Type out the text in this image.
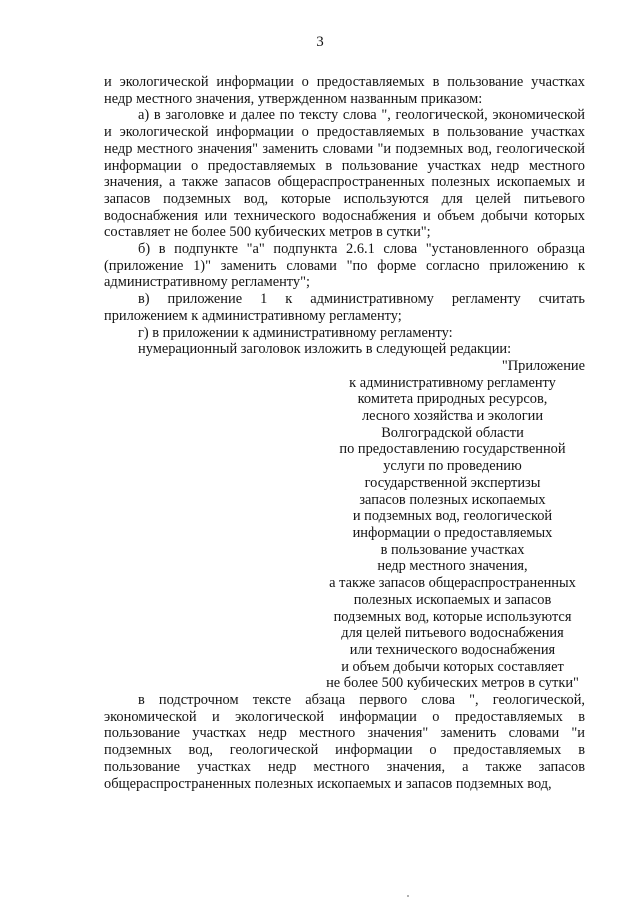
3

и экологической информации о предоставляемых в пользование участках недр местного значения, утвержденном названным приказом:

а) в заголовке и далее по тексту слова ", геологической, экономической и экологической информации о предоставляемых в пользование участках недр местного значения" заменить словами "и подземных вод, геологической информации о предоставляемых в пользование участках недр местного значения, а также запасов общераспространенных полезных ископаемых и запасов подземных вод, которые используются для целей питьевого водоснабжения или технического водоснабжения и объем добычи которых составляет не более 500 кубических метров в сутки";

б) в подпункте "а" подпункта 2.6.1 слова "установленного образца (приложение 1)" заменить словами "по форме согласно приложению к административному регламенту";

в) приложение 1 к административному регламенту считать приложением к административному регламенту;

г) в приложении к административному регламенту:

нумерационный заголовок изложить в следующей редакции:

"Приложение
к административному регламенту
комитета природных ресурсов,
лесного хозяйства и экологии
Волгоградской области
по предоставлению государственной
услуги по проведению
государственной экспертизы
запасов полезных ископаемых
и подземных вод, геологической
информации о предоставляемых
в пользование участках
недр местного значения,
а также запасов общераспространенных
полезных ископаемых и запасов
подземных вод, которые используются
для целей питьевого водоснабжения
или технического водоснабжения
и объем добычи которых составляет
не более 500 кубических метров в сутки"

в подстрочном тексте абзаца первого слова ", геологической, экономической и экологической информации о предоставляемых в пользование участках недр местного значения" заменить словами "и подземных вод, геологической информации о предоставляемых в пользование участках недр местного значения, а также запасов общераспространенных полезных ископаемых и запасов подземных вод,
